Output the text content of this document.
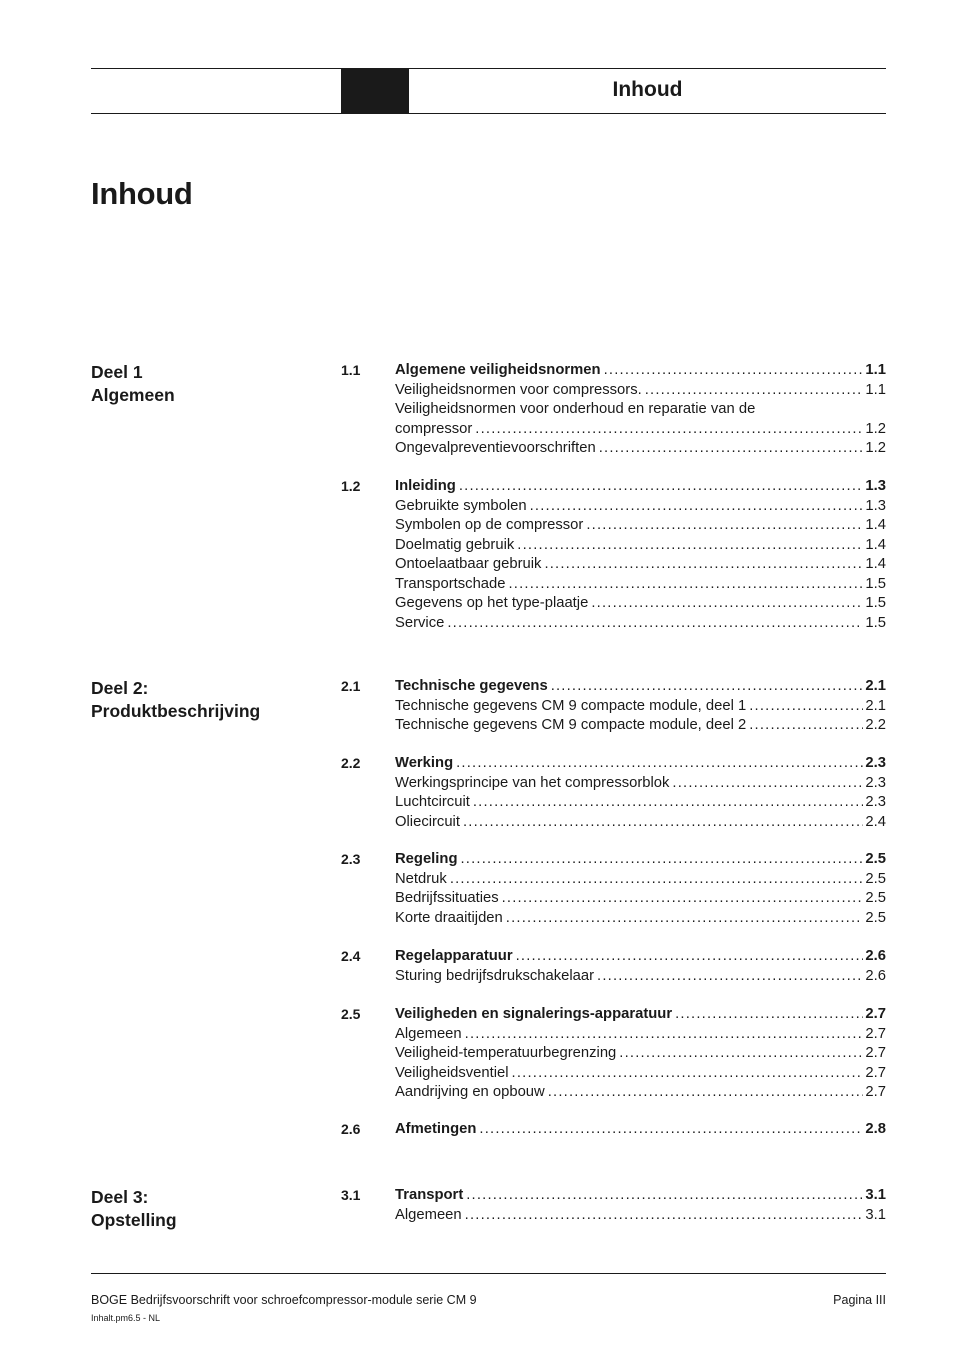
Inhoud
Inhoud
Deel 1
Algemeen
1.1 Algemene veiligheidsnormen .....	1.1
Veiligheidsnormen voor compressors. .....	1.1
Veiligheidsnormen voor onderhoud en reparatie van de
compressor .....	1.2
Ongevalpreventievoorschriften .....	1.2
1.2 Inleiding .....	1.3
Gebruikte symbolen .....	1.3
Symbolen op de compressor .....	1.4
Doelmatig gebruik .....	1.4
Ontoelaatbaar gebruik .....	1.4
Transportschade .....	1.5
Gegevens op het type-plaatje .....	1.5
Service .....	1.5
Deel 2:
Produktbeschrijving
2.1 Technische gegevens .....	2.1
Technische gegevens CM 9 compacte module, deel 1 .....	2.1
Technische gegevens CM 9 compacte module, deel 2 .....	2.2
2.2 Werking .....	2.3
Werkingsprincipe van het compressorblok .....	2.3
Luchtcircuit .....	2.3
Oliecircuit .....	2.4
2.3 Regeling .....	2.5
Netdruk .....	2.5
Bedrijfssituaties .....	2.5
Korte draaitijden .....	2.5
2.4 Regelapparatuur .....	2.6
Sturing bedrijfsdrukschakelaar .....	2.6
2.5 Veiligheden en signalerings-apparatuur .....	2.7
Algemeen .....	2.7
Veiligheid-temperatuurbegrenzing .....	2.7
Veiligheidsventiel .....	2.7
Aandrijving en opbouw .....	2.7
2.6 Afmetingen .....	2.8
Deel 3:
Opstelling
3.1 Transport .....	3.1
Algemeen .....	3.1
BOGE Bedrijfsvoorschrift voor schroefcompressor-module serie CM 9	Pagina III
Inhalt.pm6.5 - NL
